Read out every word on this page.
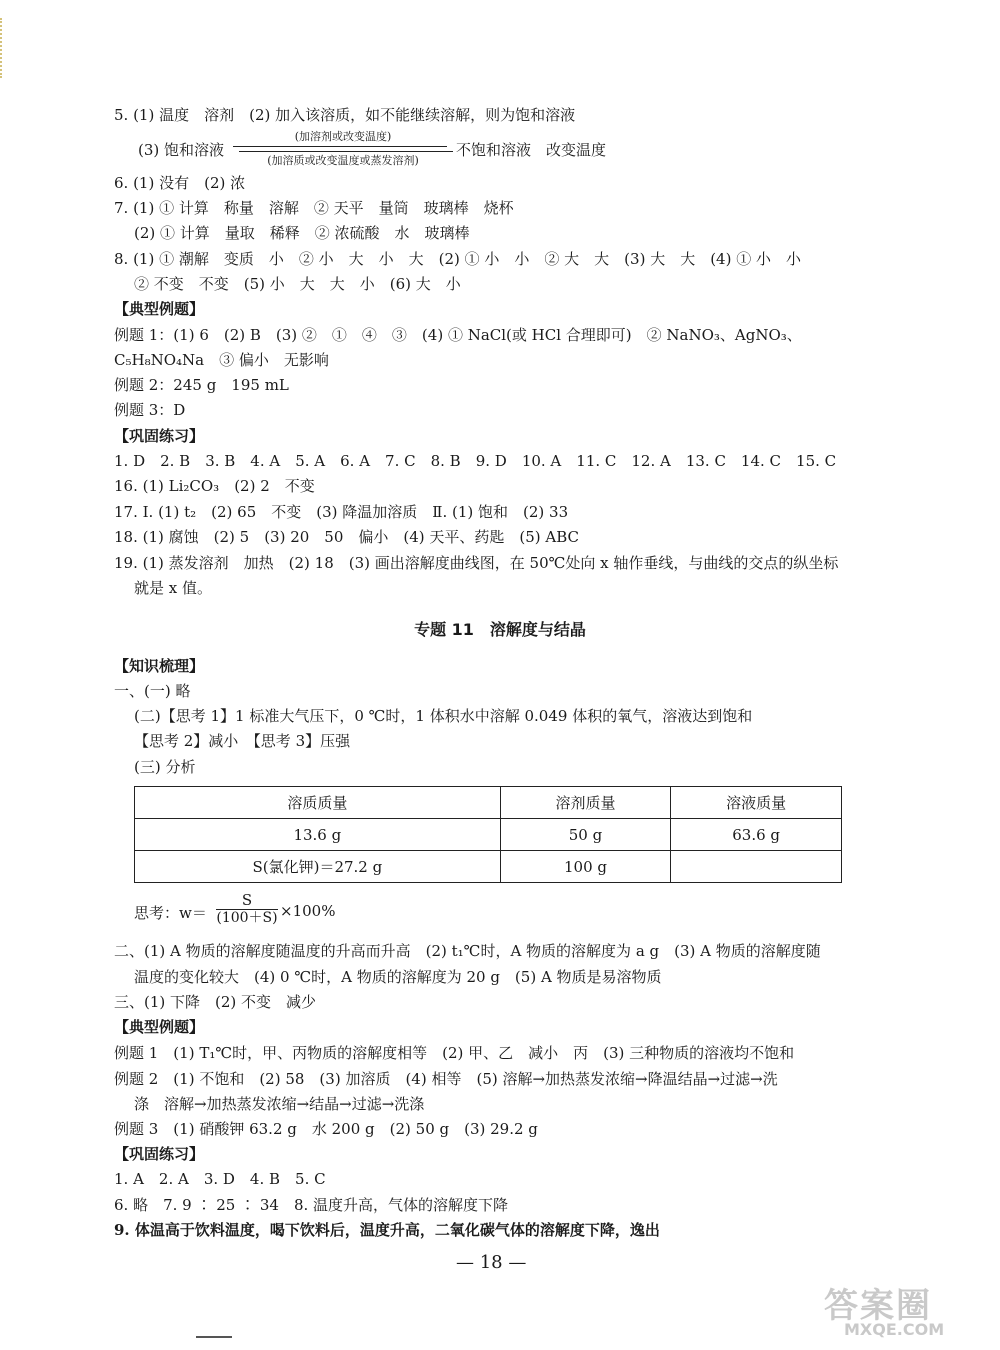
5. (1) 温度　溶剂　(2) 加入该溶质，如不能继续溶解，则为饱和溶液
(3) 饱和溶液
(加溶剂或改变温度)
(加溶质或改变温度或蒸发溶剂)
不饱和溶液　改变温度
6. (1) 没有　(2) 浓
7. (1) ① 计算　称量　溶解　② 天平　量筒　玻璃棒　烧杯
(2) ① 计算　量取　稀释　② 浓硫酸　水　玻璃棒
8. (1) ① 潮解　变质　小　② 小　大　小　大　(2) ① 小　小　② 大　大　(3) 大　大　(4) ① 小　小
② 不变　不变　(5) 小　大　大　小　(6) 大　小
【典型例题】
例题 1：(1) 6　(2) B　(3) ②　①　④　③　(4) ① NaCl(或 HCl 合理即可)　② NaNO₃、AgNO₃、
C₅H₈NO₄Na　③ 偏小　无影响
例题 2：245 g　195 mL
例题 3：D
【巩固练习】
1. D　2. B　3. B　4. A　5. A　6. A　7. C　8. B　9. D　10. A　11. C　12. A　13. C　14. C　15. C
16. (1) Li₂CO₃　(2) 2　不变
17. Ⅰ. (1) t₂　(2) 65　不变　(3) 降温加溶质　Ⅱ. (1) 饱和　(2) 33
18. (1) 腐蚀　(2) 5　(3) 20　50　偏小　(4) 天平、药匙　(5) ABC
19. (1) 蒸发溶剂　加热　(2) 18　(3) 画出溶解度曲线图，在 50℃处向 x 轴作垂线，与曲线的交点的纵坐标
就是 x 值。
专题 11　溶解度与结晶
【知识梳理】
一、(一) 略
(二)【思考 1】1 标准大气压下，0 ℃时，1 体积水中溶解 0.049 体积的氧气，溶液达到饱和
【思考 2】减小　【思考 3】压强
(三) 分析
溶质质量	溶剂质量	溶液质量
13.6 g	50 g	63.6 g
S(氯化钾)＝27.2 g	100 g	
思考：w＝
S
(100＋S) ×100%
二、(1) A 物质的溶解度随温度的升高而升高　(2) t₁℃时，A 物质的溶解度为 a g　(3) A 物质的溶解度随
温度的变化较大　(4) 0 ℃时，A 物质的溶解度为 20 g　(5) A 物质是易溶物质
三、(1) 下降　(2) 不变　减少
【典型例题】
例题 1　(1) T₁℃时，甲、丙物质的溶解度相等　(2) 甲、乙　减小　丙　(3) 三种物质的溶液均不饱和
例题 2　(1) 不饱和　(2) 58　(3) 加溶质　(4) 相等　(5) 溶解→加热蒸发浓缩→降温结晶→过滤→洗
涤　溶解→加热蒸发浓缩→结晶→过滤→洗涤
例题 3　(1) 硝酸钾 63.2 g　水 200 g　(2) 50 g　(3) 29.2 g
【巩固练习】
1. A　2. A　3. D　4. B　5. C
6. 略　7. 9 ∶ 25 ∶ 34　8. 温度升高，气体的溶解度下降
9. 体温高于饮料温度，喝下饮料后，温度升高，二氧化碳气体的溶解度下降，逸出
— 18 —
答案圈
MXQE.COM
